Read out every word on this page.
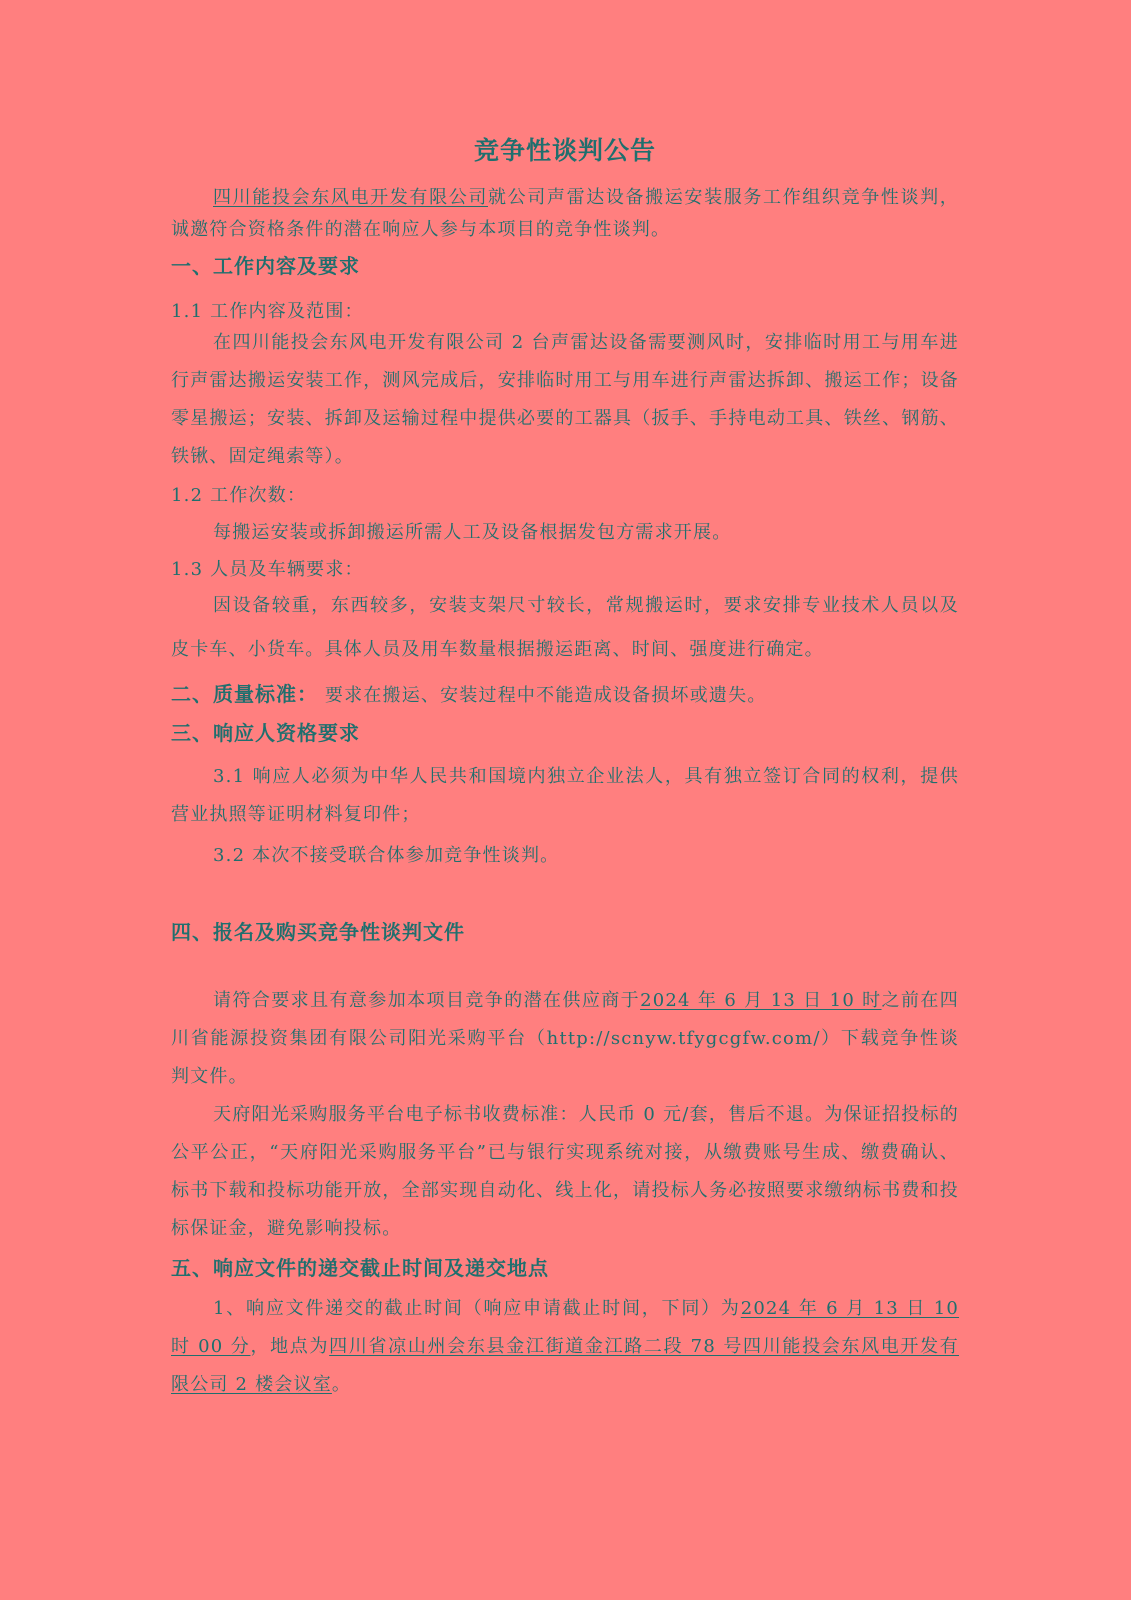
竞争性谈判公告

四川能投会东风电开发有限公司就公司声雷达设备搬运安装服务工作组织竞争性谈判，诚邀符合资格条件的潜在响应人参与本项目的竞争性谈判。

一、工作内容及要求

1.1 工作内容及范围：

在四川能投会东风电开发有限公司 2 台声雷达设备需要测风时，安排临时用工与用车进行声雷达搬运安装工作，测风完成后，安排临时用工与用车进行声雷达拆卸、搬运工作；设备零星搬运；安装、拆卸及运输过程中提供必要的工器具（扳手、手持电动工具、铁丝、钢筋、铁锹、固定绳索等）。

1.2 工作次数：

每搬运安装或拆卸搬运所需人工及设备根据发包方需求开展。

1.3 人员及车辆要求：

因设备较重，东西较多，安装支架尺寸较长，常规搬运时，要求安排专业技术人员以及皮卡车、小货车。具体人员及用车数量根据搬运距离、时间、强度进行确定。

二、质量标准： 要求在搬运、安装过程中不能造成设备损坏或遗失。

三、响应人资格要求

3.1 响应人必须为中华人民共和国境内独立企业法人，具有独立签订合同的权利，提供营业执照等证明材料复印件；

3.2 本次不接受联合体参加竞争性谈判。

四、报名及购买竞争性谈判文件

请符合要求且有意参加本项目竞争的潜在供应商于2024 年 6 月 13 日 10 时之前在四川省能源投资集团有限公司阳光采购平台（http://scnyw.tfygcgfw.com/）下载竞争性谈判文件。

天府阳光采购服务平台电子标书收费标准：人民币 0 元/套，售后不退。为保证招投标的公平公正，“天府阳光采购服务平台”已与银行实现系统对接，从缴费账号生成、缴费确认、标书下载和投标功能开放，全部实现自动化、线上化，请投标人务必按照要求缴纳标书费和投标保证金，避免影响投标。

五、响应文件的递交截止时间及递交地点

1、响应文件递交的截止时间（响应申请截止时间，下同）为2024 年 6 月 13 日 10 时 00 分，地点为四川省凉山州会东县金江街道金江路二段 78 号四川能投会东风电开发有限公司 2 楼会议室。
